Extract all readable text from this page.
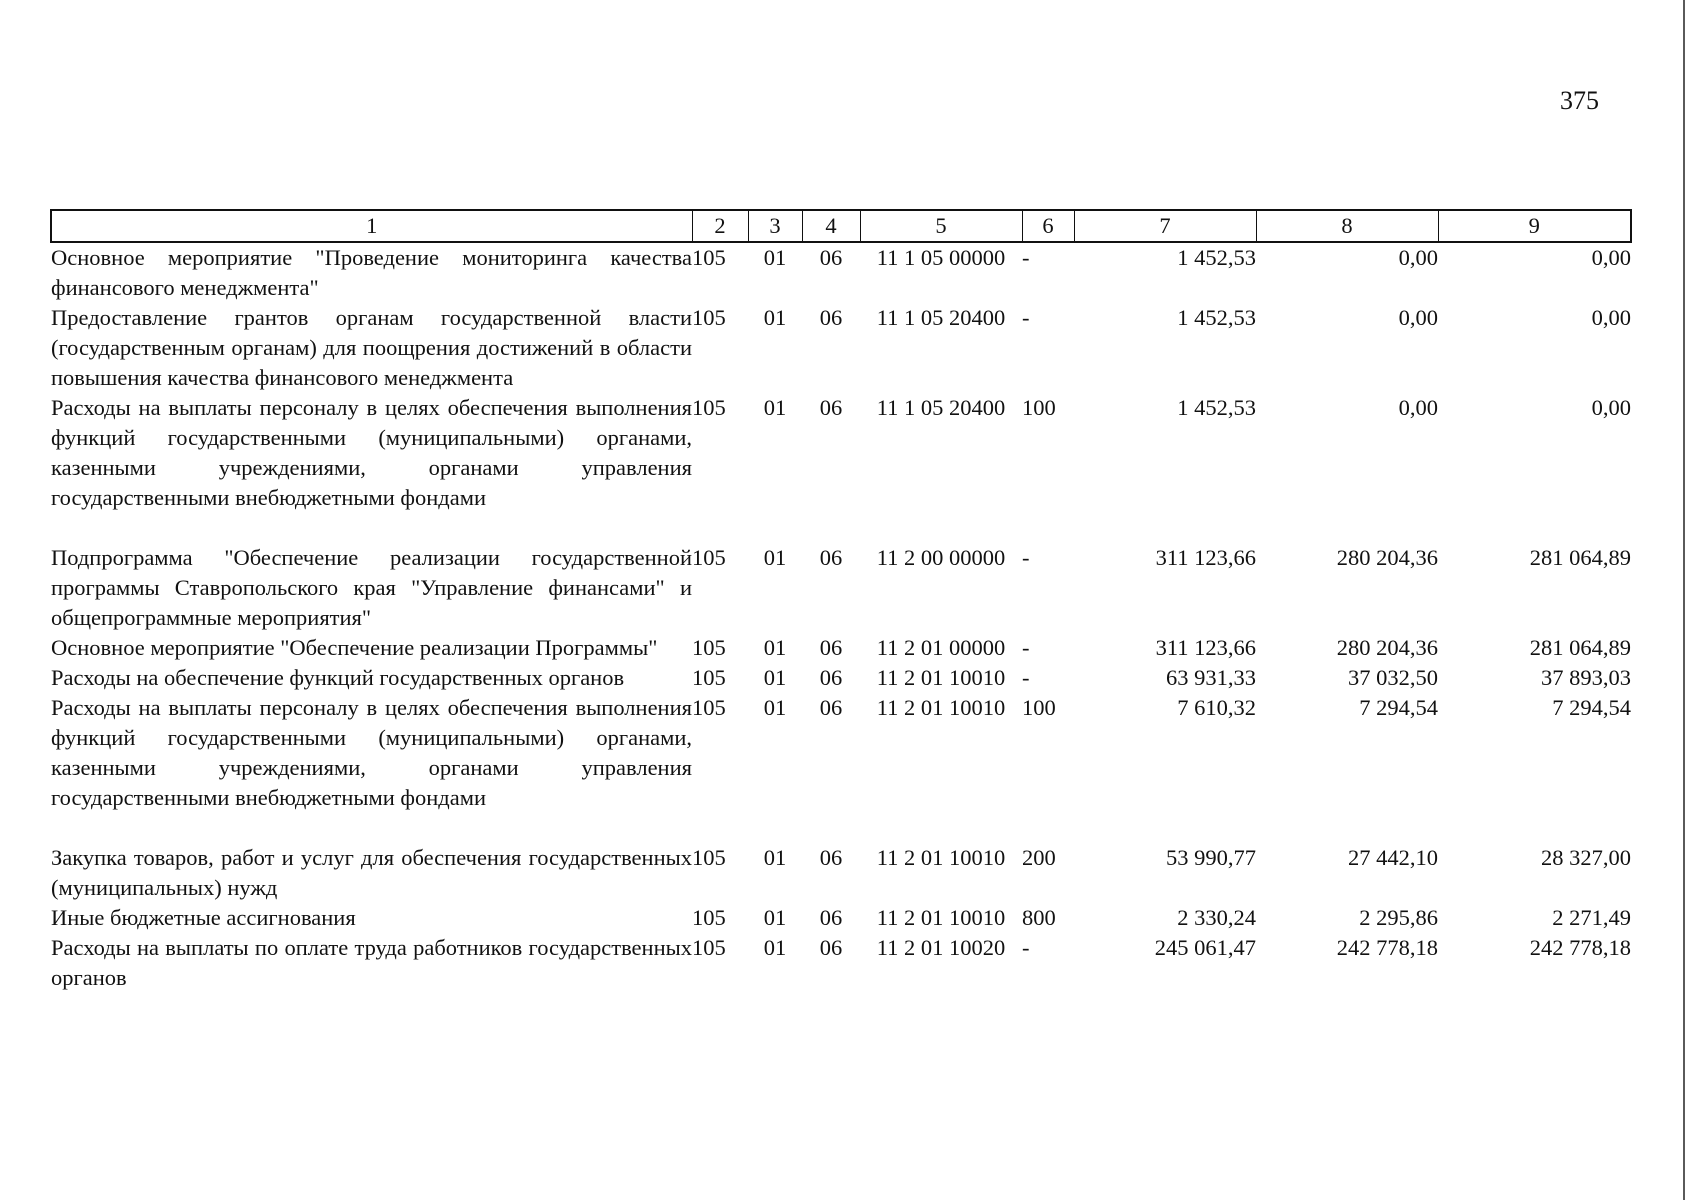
375
1	2	3	4	5	6	7	8	9
Основное мероприятие "Проведение мониторинга качества финансового менеджмента"	105	01	06	11 1 05 00000	-	1 452,53	0,00	0,00
Предоставление грантов органам государственной власти (государственным органам) для поощрения достижений в области повышения качества финансового менеджмента	105	01	06	11 1 05 20400	-	1 452,53	0,00	0,00
Расходы на выплаты персоналу в целях обеспечения выполнения функций государственными (муниципальными) органами, казенными учреждениями, органами управления государственными внебюджетными фондами	105	01	06	11 1 05 20400	100	1 452,53	0,00	0,00
Подпрограмма "Обеспечение реализации государственной программы Ставропольского края "Управление финансами" и общепрограммные мероприятия"	105	01	06	11 2 00 00000	-	311 123,66	280 204,36	281 064,89
Основное мероприятие "Обеспечение реализации Программы"	105	01	06	11 2 01 00000	-	311 123,66	280 204,36	281 064,89
Расходы на обеспечение функций государственных органов	105	01	06	11 2 01 10010	-	63 931,33	37 032,50	37 893,03
Расходы на выплаты персоналу в целях обеспечения выполнения функций государственными (муниципальными) органами, казенными учреждениями, органами управления государственными внебюджетными фондами	105	01	06	11 2 01 10010	100	7 610,32	7 294,54	7 294,54
Закупка товаров, работ и услуг для обеспечения государственных (муниципальных) нужд	105	01	06	11 2 01 10010	200	53 990,77	27 442,10	28 327,00
Иные бюджетные ассигнования	105	01	06	11 2 01 10010	800	2 330,24	2 295,86	2 271,49
Расходы на выплаты по оплате труда работников государственных органов	105	01	06	11 2 01 10020	-	245 061,47	242 778,18	242 778,18
